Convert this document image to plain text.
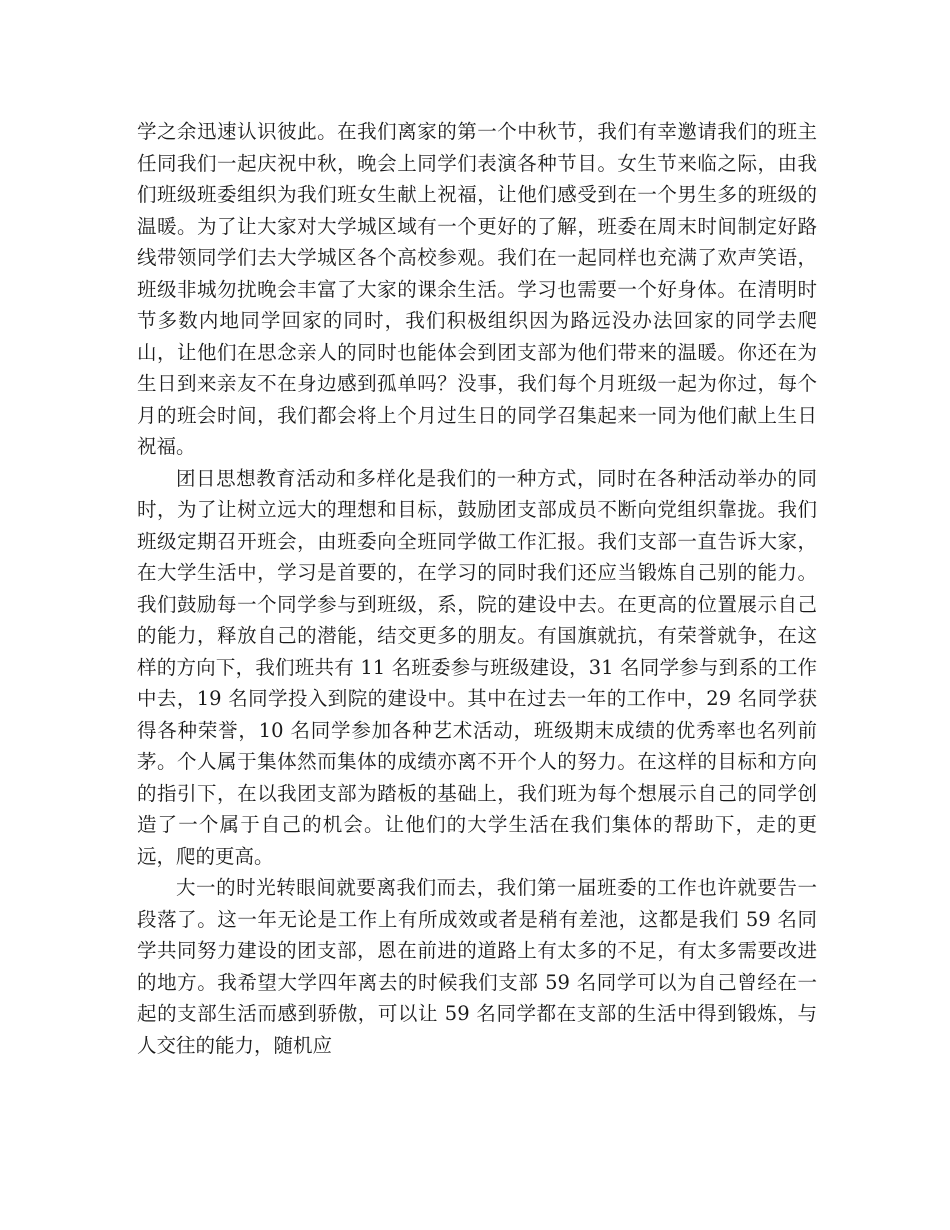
学之余迅速认识彼此。在我们离家的第一个中秋节，我们有幸邀请我们的班主任同我们一起庆祝中秋，晚会上同学们表演各种节目。女生节来临之际，由我们班级班委组织为我们班女生献上祝福，让他们感受到在一个男生多的班级的温暖。为了让大家对大学城区域有一个更好的了解，班委在周末时间制定好路线带领同学们去大学城区各个高校参观。我们在一起同样也充满了欢声笑语，班级非城勿扰晚会丰富了大家的课余生活。学习也需要一个好身体。在清明时节多数内地同学回家的同时，我们积极组织因为路远没办法回家的同学去爬山，让他们在思念亲人的同时也能体会到团支部为他们带来的温暖。你还在为生日到来亲友不在身边感到孤单吗？没事，我们每个月班级一起为你过，每个月的班会时间，我们都会将上个月过生日的同学召集起来一同为他们献上生日祝福。

团日思想教育活动和多样化是我们的一种方式，同时在各种活动举办的同时，为了让树立远大的理想和目标，鼓励团支部成员不断向党组织靠拢。我们班级定期召开班会，由班委向全班同学做工作汇报。我们支部一直告诉大家，在大学生活中，学习是首要的，在学习的同时我们还应当锻炼自己别的能力。我们鼓励每一个同学参与到班级，系，院的建设中去。在更高的位置展示自己的能力，释放自己的潜能，结交更多的朋友。有国旗就抗，有荣誉就争，在这样的方向下，我们班共有 11 名班委参与班级建设，31 名同学参与到系的工作中去，19 名同学投入到院的建设中。其中在过去一年的工作中，29 名同学获得各种荣誉，10 名同学参加各种艺术活动，班级期末成绩的优秀率也名列前茅。个人属于集体然而集体的成绩亦离不开个人的努力。在这样的目标和方向的指引下，在以我团支部为踏板的基础上，我们班为每个想展示自己的同学创造了一个属于自己的机会。让他们的大学生活在我们集体的帮助下，走的更远，爬的更高。

大一的时光转眼间就要离我们而去，我们第一届班委的工作也许就要告一段落了。这一年无论是工作上有所成效或者是稍有差池，这都是我们 59 名同学共同努力建设的团支部，恩在前进的道路上有太多的不足，有太多需要改进的地方。我希望大学四年离去的时候我们支部 59 名同学可以为自己曾经在一起的支部生活而感到骄傲，可以让 59 名同学都在支部的生活中得到锻炼，与人交往的能力，随机应
